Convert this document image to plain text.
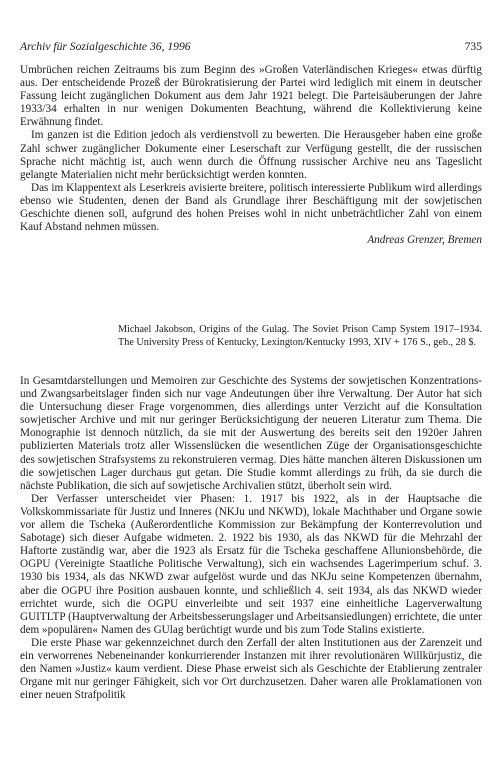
Archiv für Sozialgeschichte 36, 1996	735

Umbrüchen reichen Zeitraums bis zum Beginn des »Großen Vaterländischen Krieges« etwas dürftig aus. Der entscheidende Prozeß der Bürokratisierung der Partei wird lediglich mit einem in deutscher Fassung leicht zugänglichen Dokument aus dem Jahr 1921 belegt. Die Parteisäuberungen der Jahre 1933/34 erhalten in nur wenigen Dokumenten Beachtung, während die Kollektivierung keine Erwähnung findet.

Im ganzen ist die Edition jedoch als verdienstvoll zu bewerten. Die Herausgeber haben eine große Zahl schwer zugänglicher Dokumente einer Leserschaft zur Verfügung gestellt, die der russischen Sprache nicht mächtig ist, auch wenn durch die Öffnung russischer Archive neu ans Tageslicht gelangte Materialien nicht mehr berücksichtigt werden konnten.

Das im Klappentext als Leserkreis avisierte breitere, politisch interessierte Publikum wird allerdings ebenso wie Studenten, denen der Band als Grundlage ihrer Beschäftigung mit der sowjetischen Geschichte dienen soll, aufgrund des hohen Preises wohl in nicht unbeträchtlicher Zahl von einem Kauf Abstand nehmen müssen.

Andreas Grenzer, Bremen

Michael Jakobson, Origins of the Gulag. The Soviet Prison Camp System 1917–1934. The University Press of Kentucky, Lexington/Kentucky 1993, XIV + 176 S., geb., 28 $.

In Gesamtdarstellungen und Memoiren zur Geschichte des Systems der sowjetischen Konzentrations- und Zwangsarbeitslager finden sich nur vage Andeutungen über ihre Verwaltung. Der Autor hat sich die Untersuchung dieser Frage vorgenommen, dies allerdings unter Verzicht auf die Konsultation sowjetischer Archive und mit nur geringer Berücksichtigung der neueren Literatur zum Thema. Die Monographie ist dennoch nützlich, da sie mit der Auswertung des bereits seit den 1920er Jahren publizierten Materials trotz aller Wissenslücken die wesentlichen Züge der Organisationsgeschichte des sowjetischen Strafsystems zu rekonstruieren vermag. Dies hätte manchen älteren Diskussionen um die sowjetischen Lager durchaus gut getan. Die Studie kommt allerdings zu früh, da sie durch die nächste Publikation, die sich auf sowjetische Archivalien stützt, überholt sein wird.

Der Verfasser unterscheidet vier Phasen: 1. 1917 bis 1922, als in der Hauptsache die Volkskommissariate für Justiz und Inneres (NKJu und NKWD), lokale Machthaber und Organe sowie vor allem die Tscheka (Außerordentliche Kommission zur Bekämpfung der Konterrevolution und Sabotage) sich dieser Aufgabe widmeten. 2. 1922 bis 1930, als das NKWD für die Mehrzahl der Haftorte zuständig war, aber die 1923 als Ersatz für die Tscheka geschaffene Allunionsbehörde, die OGPU (Vereinigte Staatliche Politische Verwaltung), sich ein wachsendes Lagerimperium schuf. 3. 1930 bis 1934, als das NKWD zwar aufgelöst wurde und das NKJu seine Kompetenzen übernahm, aber die OGPU ihre Position ausbauen konnte, und schließlich 4. seit 1934, als das NKWD wieder errichtet wurde, sich die OGPU einverleibte und seit 1937 eine einheitliche Lagerverwaltung GUITLTP (Hauptverwaltung der Arbeitsbesserungslager und Arbeitsansiedlungen) errichtete, die unter dem »populären« Namen des GUlag berüchtigt wurde und bis zum Tode Stalins existierte.

Die erste Phase war gekennzeichnet durch den Zerfall der alten Institutionen aus der Zarenzeit und ein verworrenes Nebeneinander konkurrierender Instanzen mit ihrer revolutionären Willkürjustiz, die den Namen »Justiz« kaum verdient. Diese Phase erweist sich als Geschichte der Etablierung zentraler Organe mit nur geringer Fähigkeit, sich vor Ort durchzusetzen. Daher waren alle Proklamationen von einer neuen Strafpolitik
